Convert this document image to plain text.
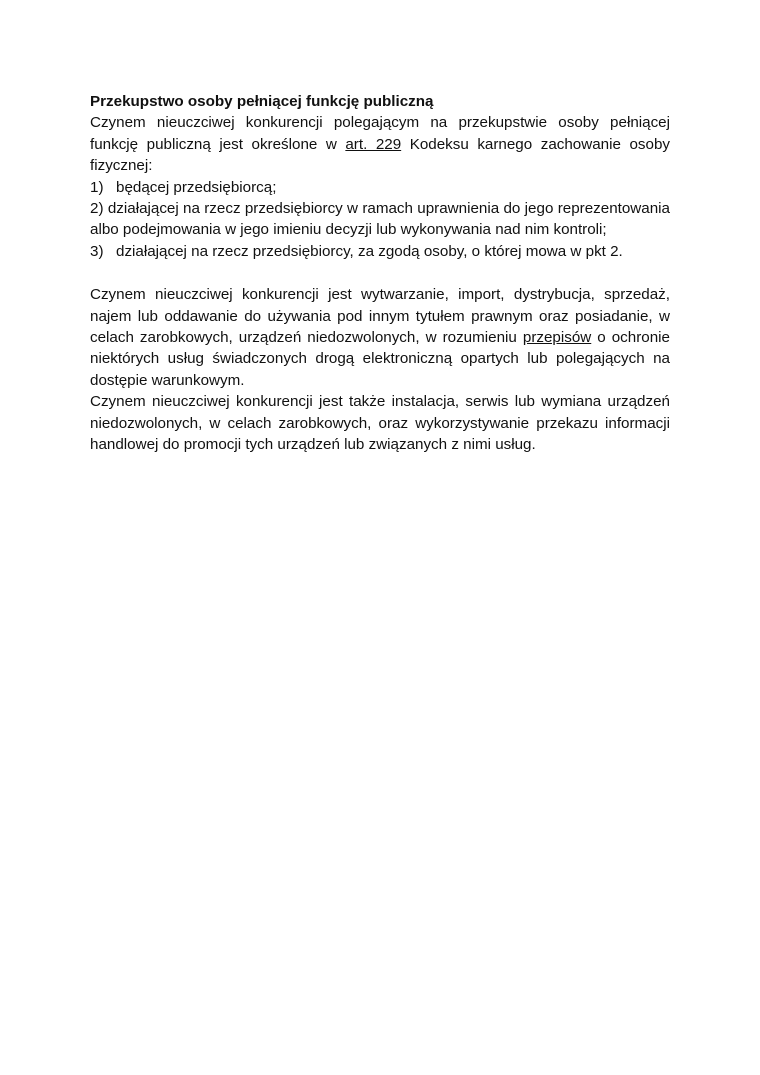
Przekupstwo osoby pełniącej funkcję publiczną

Czynem nieuczciwej konkurencji polegającym na przekupstwie osoby pełniącej funkcję publiczną jest określone w art. 229 Kodeksu karnego zachowanie osoby fizycznej:

1) będącej przedsiębiorcą;

2) działającej na rzecz przedsiębiorcy w ramach uprawnienia do jego reprezentowania albo podejmowania w jego imieniu decyzji lub wykonywania nad nim kontroli;

3) działającej na rzecz przedsiębiorcy, za zgodą osoby, o której mowa w pkt 2.

Czynem nieuczciwej konkurencji jest wytwarzanie, import, dystrybucja, sprzedaż, najem lub oddawanie do używania pod innym tytułem prawnym oraz posiadanie, w celach zarobkowych, urządzeń niedozwolonych, w rozumieniu przepisów o ochronie niektórych usług świadczonych drogą elektroniczną opartych lub polegających na dostępie warunkowym.

Czynem nieuczciwej konkurencji jest także instalacja, serwis lub wymiana urządzeń niedozwolonych, w celach zarobkowych, oraz wykorzystywanie przekazu informacji handlowej do promocji tych urządzeń lub związanych z nimi usług.
